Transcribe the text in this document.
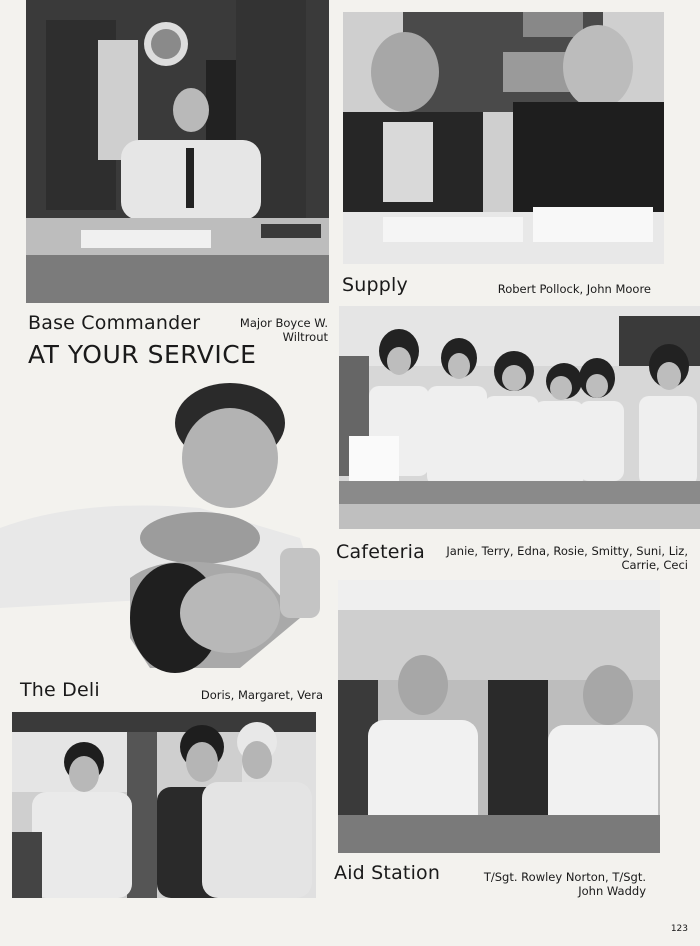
Supply	Robert Pollock, John Moore
Base Commander	Major Boyce W.
Wiltrout
AT YOUR SERVICE
Cafeteria Janie, Terry, Edna, Rosie, Smitty, Suni, Liz,
Carrie, Ceci
The Deli	Doris, Margaret, Vera
Aid Station	T/Sgt. Rowley Norton, T/Sgt.
John Waddy
123
